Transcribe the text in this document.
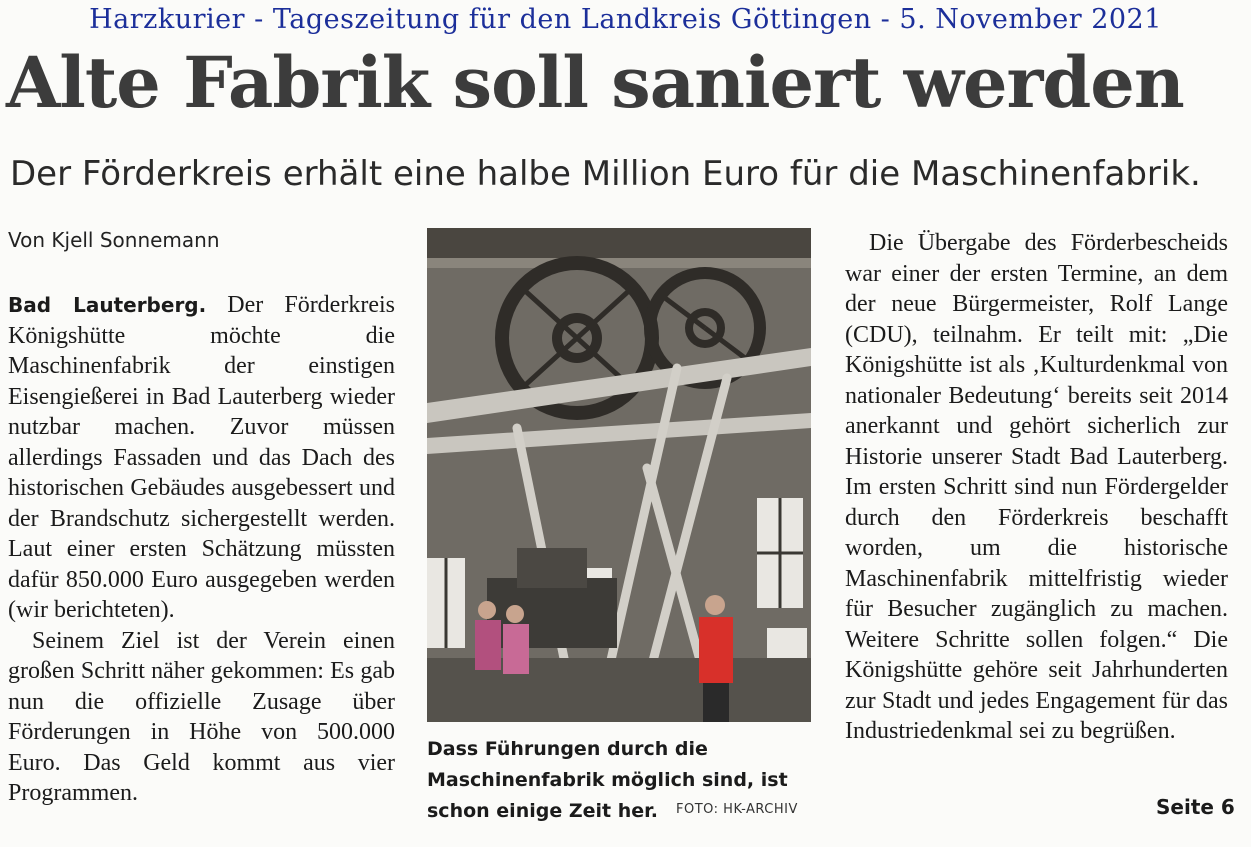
Harzkurier - Tageszeitung für den Landkreis Göttingen - 5. November 2021
Alte Fabrik soll saniert werden
Der Förderkreis erhält eine halbe Million Euro für die Maschinenfabrik.
Von Kjell Sonnemann

Bad Lauterberg. Der Förderkreis Königshütte möchte die Maschinenfabrik der einstigen Eisengießerei in Bad Lauterberg wieder nutzbar machen. Zuvor müssen allerdings Fassaden und das Dach des historischen Gebäudes ausgebessert und der Brandschutz sichergestellt werden. Laut einer ersten Schätzung müssten dafür 850.000 Euro ausgegeben werden (wir berichteten).

Seinem Ziel ist der Verein einen großen Schritt näher gekommen: Es gab nun die offizielle Zusage über Förderungen in Höhe von 500.000 Euro. Das Geld kommt aus vier Programmen.

Dass Führungen durch die Maschinenfabrik möglich sind, ist schon einige Zeit her.	FOTO: HK-ARCHIV

Die Übergabe des Förderbescheids war einer der ersten Termine, an dem der neue Bürgermeister, Rolf Lange (CDU), teilnahm. Er teilt mit: „Die Königshütte ist als ‚Kulturdenkmal von nationaler Bedeutung‘ bereits seit 2014 anerkannt und gehört sicherlich zur Historie unserer Stadt Bad Lauterberg. Im ersten Schritt sind nun Fördergelder durch den Förderkreis beschafft worden, um die historische Maschinenfabrik mittelfristig wieder für Besucher zugänglich zu machen. Weitere Schritte sollen folgen.“ Die Königshütte gehöre seit Jahrhunderten zur Stadt und jedes Engagement für das Industriedenkmal sei zu begrüßen.

Seite 6
